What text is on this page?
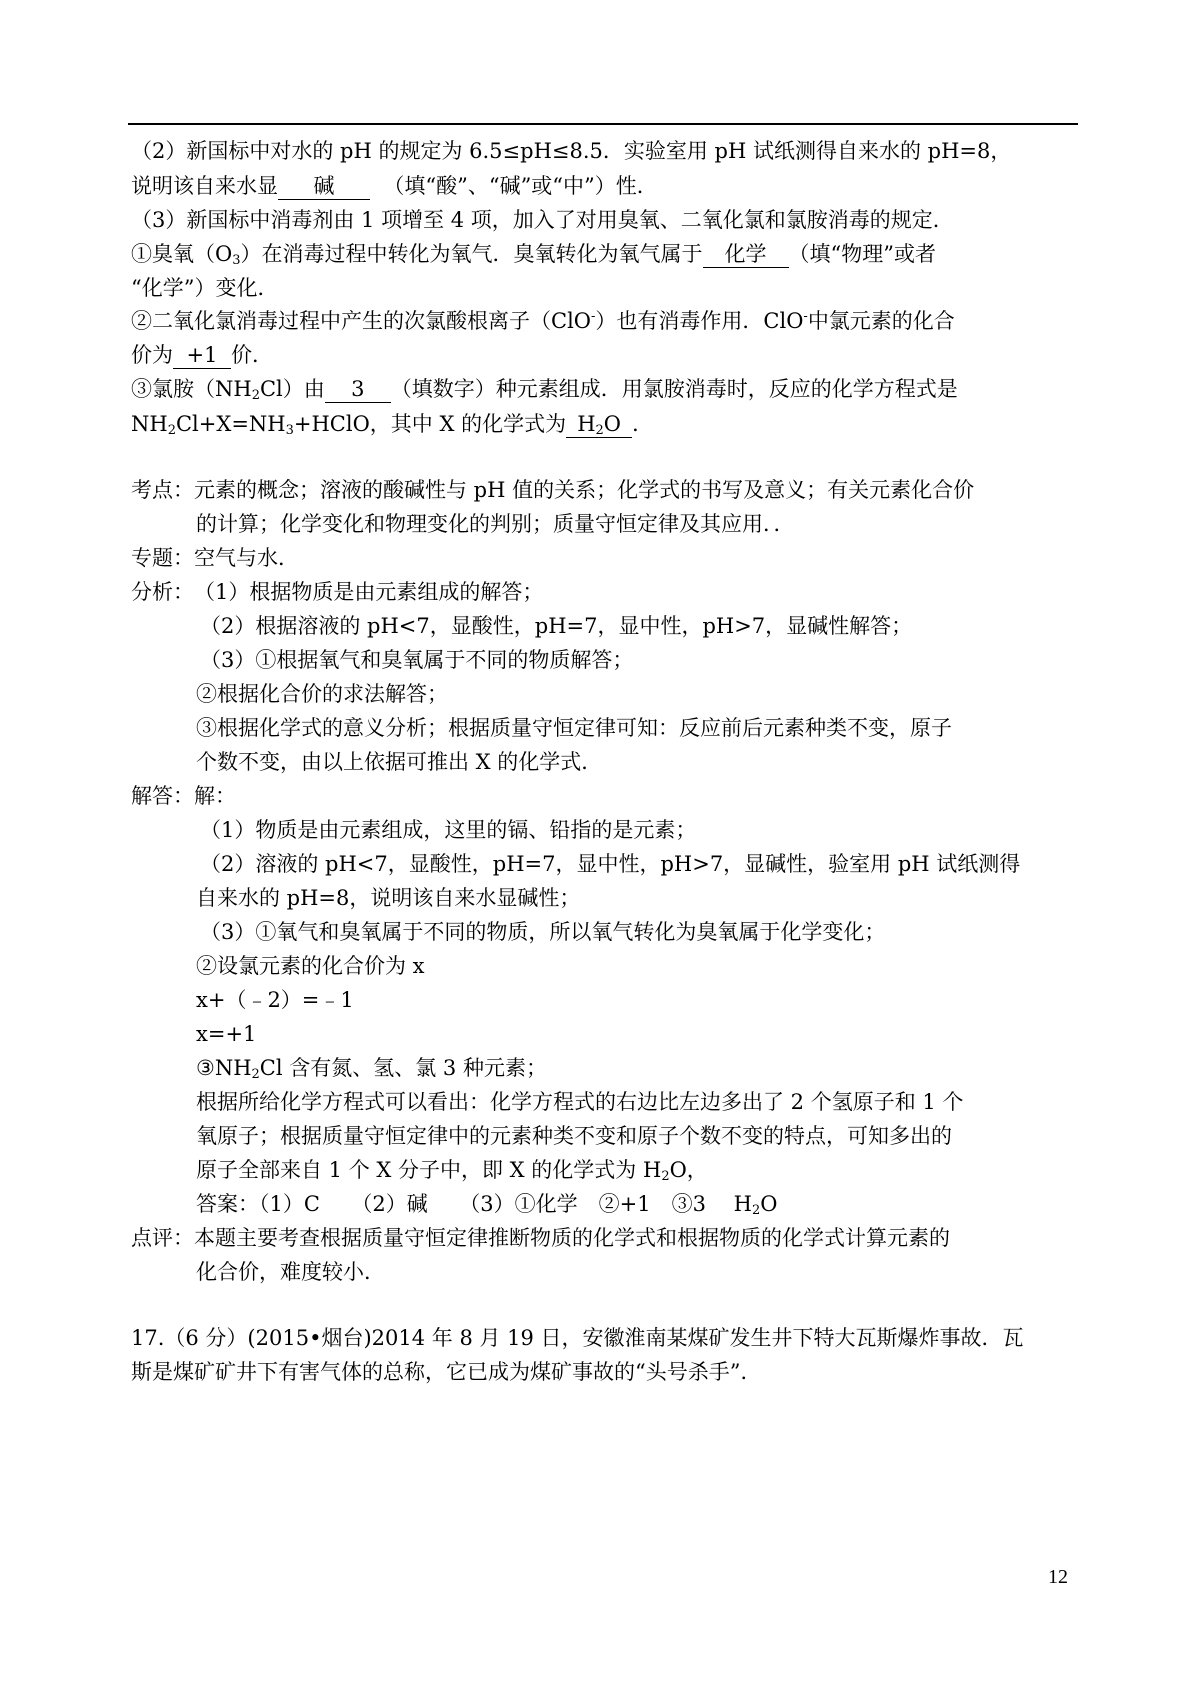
（2）新国标中对水的 pH 的规定为 6.5≤pH≤8.5．实验室用 pH 试纸测得自来水的 pH=8，
说明该自来水显 碱 （填“酸”、“碱”或“中”）性．
（3）新国标中消毒剂由 1 项增至 4 项，加入了对用臭氧、二氧化氯和氯胺消毒的规定．
①臭氧$(O_3)$在消毒过程中转化为氧气．臭氧转化为氧气属于 化学 （填“物理”或者
“化学”）变化．
②二氧化氯消毒过程中产生的次氯酸根离子（ClO-）也有消毒作用．ClO-中氯元素的化合
价为 +1 价．
③氯胺$(NH_2Cl)$由 3 （填数字）种元素组成．用氯胺消毒时，反应的化学方程式是
$NH_2Cl+X=NH_3+HClO$，其中 X 的化学式为 $H_2O$ ．
考点： 元素的概念；溶液的酸碱性与 pH 值的关系；化学式的书写及意义；有关元素化合价
的计算；化学变化和物理变化的判别；质量守恒定律及其应用．．
专题： 空气与水．
分析： （1）根据物质是由元素组成的解答；
（2）根据溶液的 pH<7，显酸性，pH=7，显中性，pH>7，显碱性解答；
（3）①根据氧气和臭氧属于不同的物质解答；
②根据化合价的求法解答；
③根据化学式的意义分析；根据质量守恒定律可知：反应前后元素种类不变，原子
个数不变，由以上依据可推出 X 的化学式．
解答： 解：
（1）物质是由元素组成，这里的镉、铅指的是元素；
（2）溶液的 pH<7，显酸性，pH=7，显中性，pH>7，显碱性，验室用 pH 试纸测得
自来水的 pH=8，说明该自来水显碱性；
（3）①氧气和臭氧属于不同的物质，所以氧气转化为臭氧属于化学变化；
②设氯元素的化合价为 x
x+（﹣2）=﹣1
x=+1
$③NH_2Cl$ 含有氮、氢、氯 3 种元素；
根据所给化学方程式可以看出：化学方程式的右边比左边多出了 2 个氢原子和 1 个
氧原子；根据质量守恒定律中的元素种类不变和原子个数不变的特点，可知多出的
原子全部来自 1 个 X 分子中，即 X 的化学式为 $H_2O$，
答案：（1）C　　（2）碱　　（3）①化学　②+1　③3　 $H_2O$
点评： 本题主要考查根据质量守恒定律推断物质的化学式和根据物质的化学式计算元素的
化合价，难度较小．
17.（6 分）(2015•烟台)2014 年 8 月 19 日，安徽淮南某煤矿发生井下特大瓦斯爆炸事故．瓦
斯是煤矿矿井下有害气体的总称，它已成为煤矿事故的“头号杀手”．
12
